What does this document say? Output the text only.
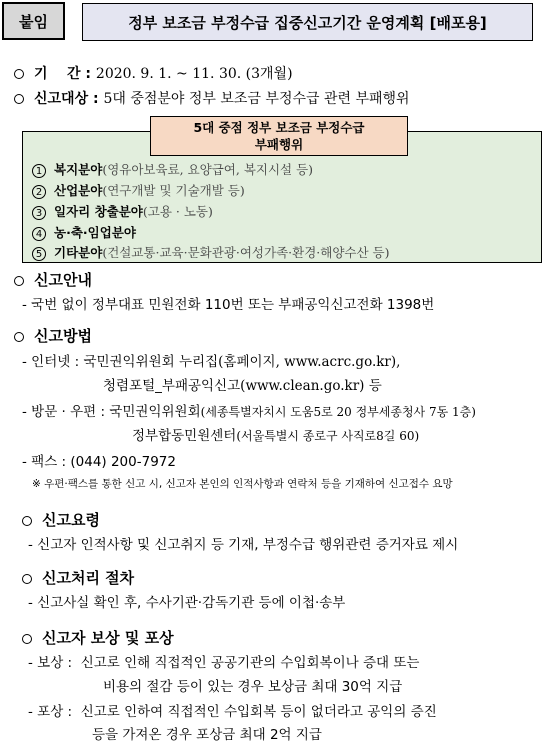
붙임	정부 보조금 부정수급 집중신고기간 운영계획 [배포용]
기    간 : 2020. 9. 1. ~ 11. 30. (3개월)
신고대상 : 5대 중점분야 정부 보조금 부정수급 관련 부패행위
5대 중점 정부 보조금 부정수급
부패행위
1 복지분야(영유아보육료, 요양급여, 복지시설 등)
2 산업분야(연구개발 및 기술개발 등)
3 일자리 창출분야(고용 · 노동)
4 농·축·임업분야
5 기타분야(건설교통·교육·문화관광·여성가족·환경·해양수산 등)
신고안내
- 국번 없이 정부대표 민원전화 110번 또는 부패공익신고전화 1398번
신고방법
- 인터넷 : 국민권익위원회 누리집(홈페이지, www.acrc.go.kr),
청렴포털_부패공익신고(www.clean.go.kr) 등
- 방문 · 우편 : 국민권익위원회(세종특별자치시 도움5로 20 정부세종청사 7동 1층)
정부합동민원센터(서울특별시 종로구 사직로8길 60)
- 팩스 : (044) 200-7972
※ 우편·팩스를 통한 신고 시, 신고자 본인의 인적사항과 연락처 등을 기재하여 신고접수 요망
신고요령
- 신고자 인적사항 및 신고취지 등 기재, 부정수급 행위관련 증거자료 제시
신고처리 절차
- 신고사실 확인 후, 수사기관·감독기관 등에 이첩·송부
신고자 보상 및 포상
- 보상 : 신고로 인해 직접적인 공공기관의 수입회복이나 증대 또는
비용의 절감 등이 있는 경우 보상금 최대 30억 지급
- 포상 : 신고로 인하여 직접적인 수입회복 등이 없더라고 공익의 증진
등을 가져온 경우 포상금 최대 2억 지급
